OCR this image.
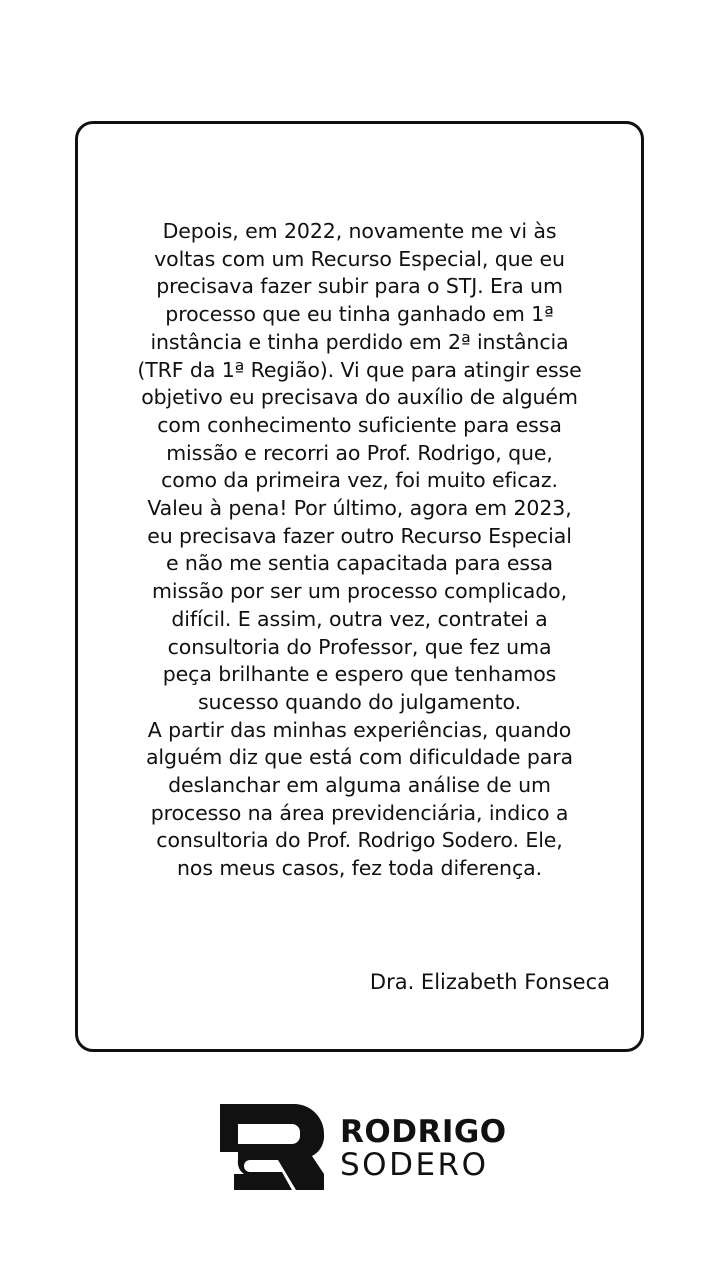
Depois, em 2022, novamente me vi às
voltas com um Recurso Especial, que eu
precisava fazer subir para o STJ. Era um
processo que eu tinha ganhado em 1ª
instância e tinha perdido em 2ª instância
(TRF da 1ª Região). Vi que para atingir esse
objetivo eu precisava do auxílio de alguém
com conhecimento suficiente para essa
missão e recorri ao Prof. Rodrigo, que,
como da primeira vez, foi muito eficaz.
Valeu à pena! Por último, agora em 2023,
eu precisava fazer outro Recurso Especial
e não me sentia capacitada para essa
missão por ser um processo complicado,
difícil. E assim, outra vez, contratei a
consultoria do Professor, que fez uma
peça brilhante e espero que tenhamos
sucesso quando do julgamento.
A partir das minhas experiências, quando
alguém diz que está com dificuldade para
deslanchar em alguma análise de um
processo na área previdenciária, indico a
consultoria do Prof. Rodrigo Sodero. Ele,
nos meus casos, fez toda diferença.

Dra. Elizabeth Fonseca
RODRIGO
SODERO
